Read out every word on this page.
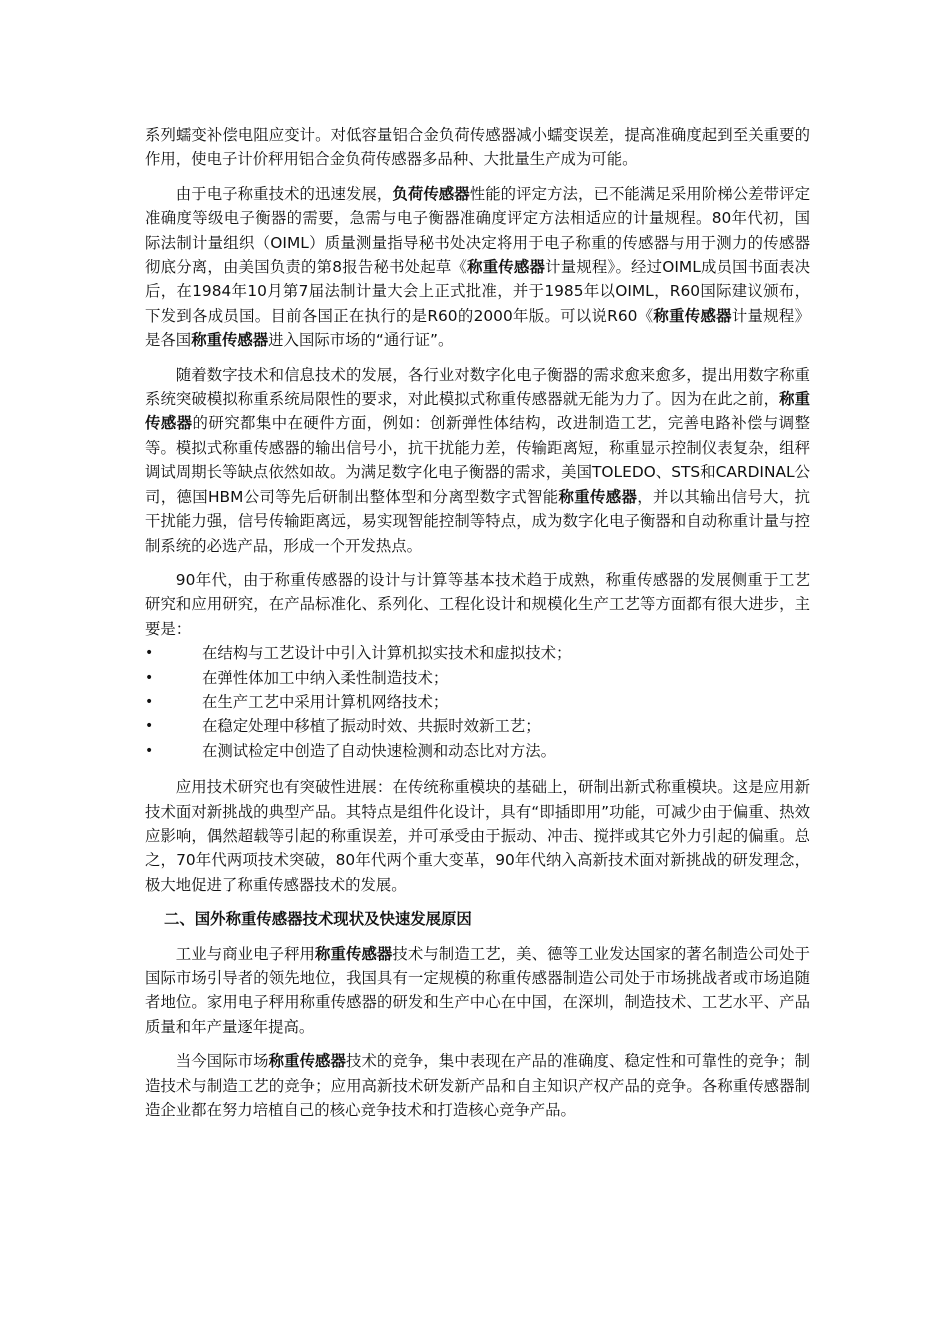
系列蠕变补偿电阻应变计。对低容量铝合金负荷传感器减小蠕变误差，提高准确度起到至关重要的作用，使电子计价秤用铝合金负荷传感器多品种、大批量生产成为可能。

由于电子称重技术的迅速发展，负荷传感器性能的评定方法，已不能满足采用阶梯公差带评定准确度等级电子衡器的需要，急需与电子衡器准确度评定方法相适应的计量规程。80年代初，国际法制计量组织（OIML）质量测量指导秘书处决定将用于电子称重的传感器与用于测力的传感器彻底分离，由美国负责的第8报告秘书处起草《称重传感器计量规程》。经过OIML成员国书面表决后，在1984年10月第7届法制计量大会上正式批准，并于1985年以OIML，R60国际建议颁布，下发到各成员国。目前各国正在执行的是R60的2000年版。可以说R60《称重传感器计量规程》是各国称重传感器进入国际市场的“通行证”。

随着数字技术和信息技术的发展，各行业对数字化电子衡器的需求愈来愈多，提出用数字称重系统突破模拟称重系统局限性的要求，对此模拟式称重传感器就无能为力了。因为在此之前，称重传感器的研究都集中在硬件方面，例如：创新弹性体结构，改进制造工艺，完善电路补偿与调整等。模拟式称重传感器的输出信号小，抗干扰能力差，传输距离短，称重显示控制仪表复杂，组秤调试周期长等缺点依然如故。为满足数字化电子衡器的需求，美国TOLEDO、STS和CARDINAL公司，德国HBM公司等先后研制出整体型和分离型数字式智能称重传感器，并以其输出信号大，抗干扰能力强，信号传输距离远，易实现智能控制等特点，成为数字化电子衡器和自动称重计量与控制系统的必选产品，形成一个开发热点。

90年代，由于称重传感器的设计与计算等基本技术趋于成熟，称重传感器的发展侧重于工艺研究和应用研究，在产品标准化、系列化、工程化设计和规模化生产工艺等方面都有很大进步，主要是：

•	在结构与工艺设计中引入计算机拟实技术和虚拟技术；
•	在弹性体加工中纳入柔性制造技术；
•	在生产工艺中采用计算机网络技术；
•	在稳定处理中移植了振动时效、共振时效新工艺；
•	在测试检定中创造了自动快速检测和动态比对方法。

应用技术研究也有突破性进展：在传统称重模块的基础上，研制出新式称重模块。这是应用新技术面对新挑战的典型产品。其特点是组件化设计，具有“即插即用”功能，可减少由于偏重、热效应影响，偶然超载等引起的称重误差，并可承受由于振动、冲击、搅拌或其它外力引起的偏重。总之，70年代两项技术突破，80年代两个重大变革，90年代纳入高新技术面对新挑战的研发理念，极大地促进了称重传感器技术的发展。

二、国外称重传感器技术现状及快速发展原因

工业与商业电子秤用称重传感器技术与制造工艺，美、德等工业发达国家的著名制造公司处于国际市场引导者的领先地位，我国具有一定规模的称重传感器制造公司处于市场挑战者或市场追随者地位。家用电子秤用称重传感器的研发和生产中心在中国，在深圳，制造技术、工艺水平、产品质量和年产量逐年提高。

当今国际市场称重传感器技术的竞争，集中表现在产品的准确度、稳定性和可靠性的竞争；制造技术与制造工艺的竞争；应用高新技术研发新产品和自主知识产权产品的竞争。各称重传感器制造企业都在努力培植自己的核心竞争技术和打造核心竞争产品。
